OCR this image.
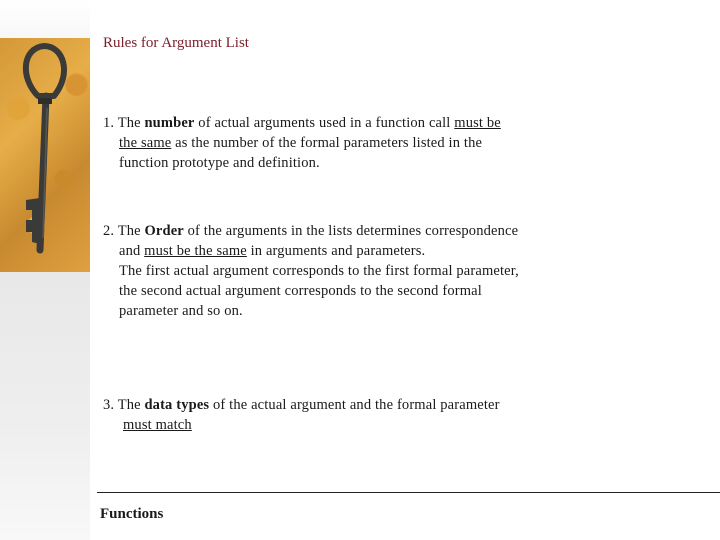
Rules for Argument List
1. The number of actual arguments used in a function call must be
the same as the number of the formal parameters listed in the
function prototype and definition.
2. The Order of the arguments in the lists determines correspondence
and must be the same in arguments and parameters.
The first actual argument corresponds to the first formal parameter,
the second actual argument corresponds to the second formal
parameter and so on.
3. The data types of the actual argument and the formal parameter
must match
Functions
